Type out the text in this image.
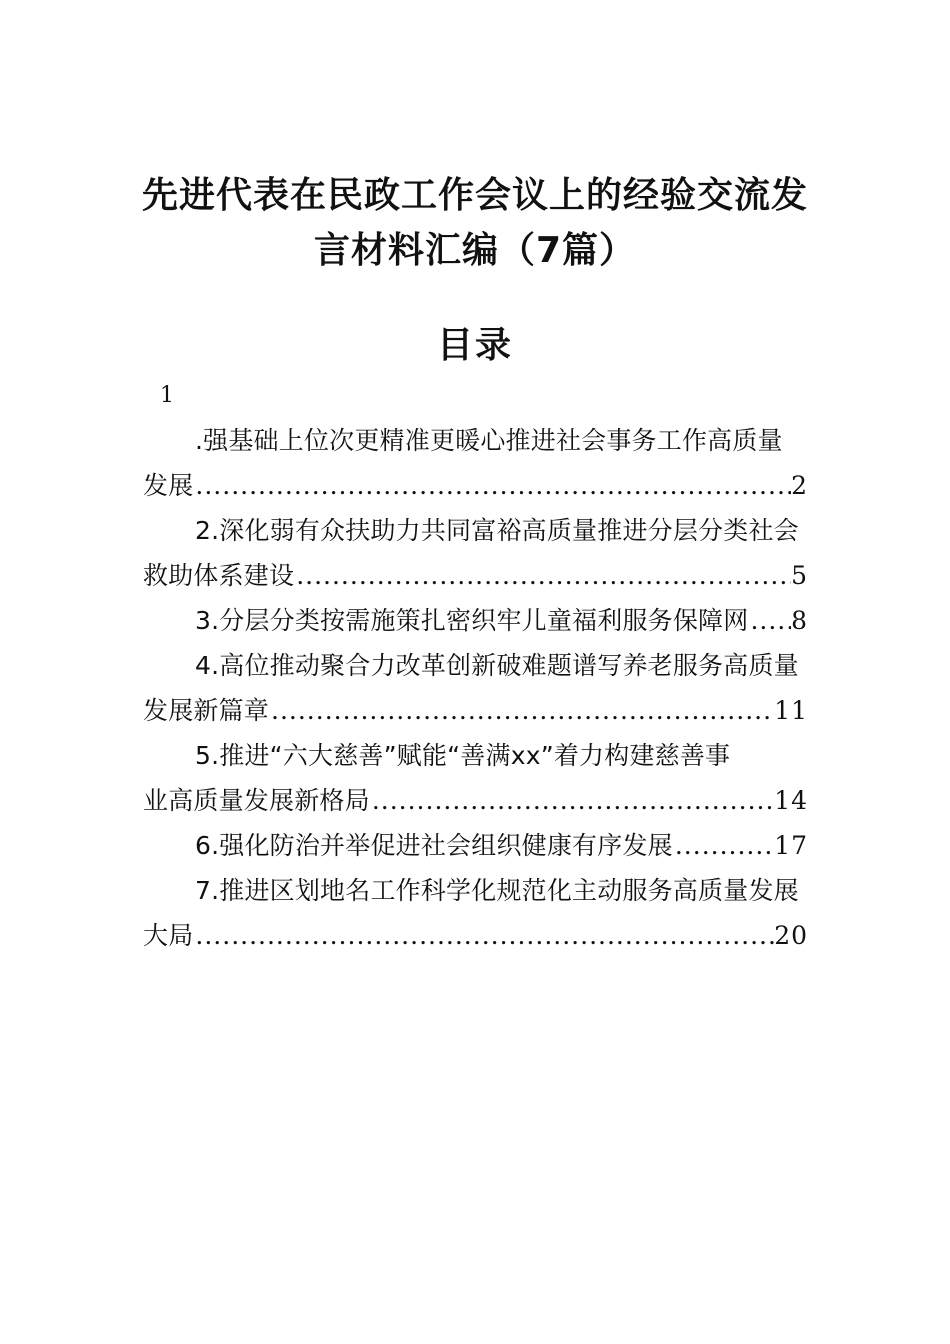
先进代表在民政工作会议上的经验交流发
言材料汇编（7篇）
目录
1
.强基础上位次更精准更暖心推进社会事务工作高质量
发展 .....	2
2.深化弱有众扶助力共同富裕高质量推进分层分类社会
救助体系建设 .....	5
3.分层分类按需施策扎密织牢儿童福利服务保障网 ..... 8
4.高位推动聚合力改革创新破难题谱写养老服务高质量
发展新篇章 .....	11
5.推进“六大慈善”赋能“善满xx”着力构建慈善事
业高质量发展新格局 .....	14
6.强化防治并举促进社会组织健康有序发展 .....	17
7.推进区划地名工作科学化规范化主动服务高质量发展
大局 .....	20
